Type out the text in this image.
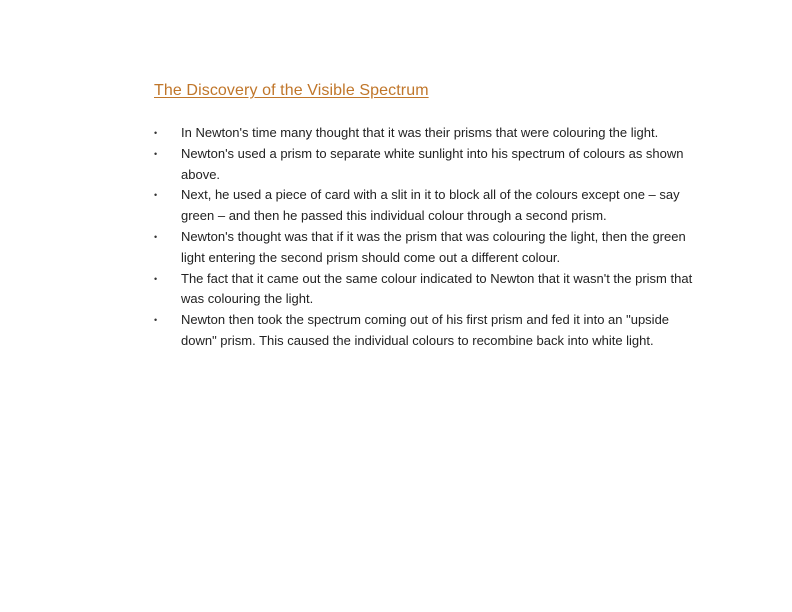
The Discovery of the Visible Spectrum
•	In Newton's time many thought that it was their prisms that were colouring the light.
•	Newton's used a prism to separate white sunlight into his spectrum of colours as shown above.
•	Next, he used a piece of card with a slit in it to block all of the colours except one – say green – and then he passed this individual colour through a second prism.
•	Newton's thought was that if it was the prism that was colouring the light, then the green light entering the second prism should come out a different colour.
•	The fact that it came out the same colour indicated to Newton that it wasn't the prism that was colouring the light.
•	Newton then took the spectrum coming out of his first prism and fed it into an "upside down" prism. This caused the individual colours to recombine back into white light.
